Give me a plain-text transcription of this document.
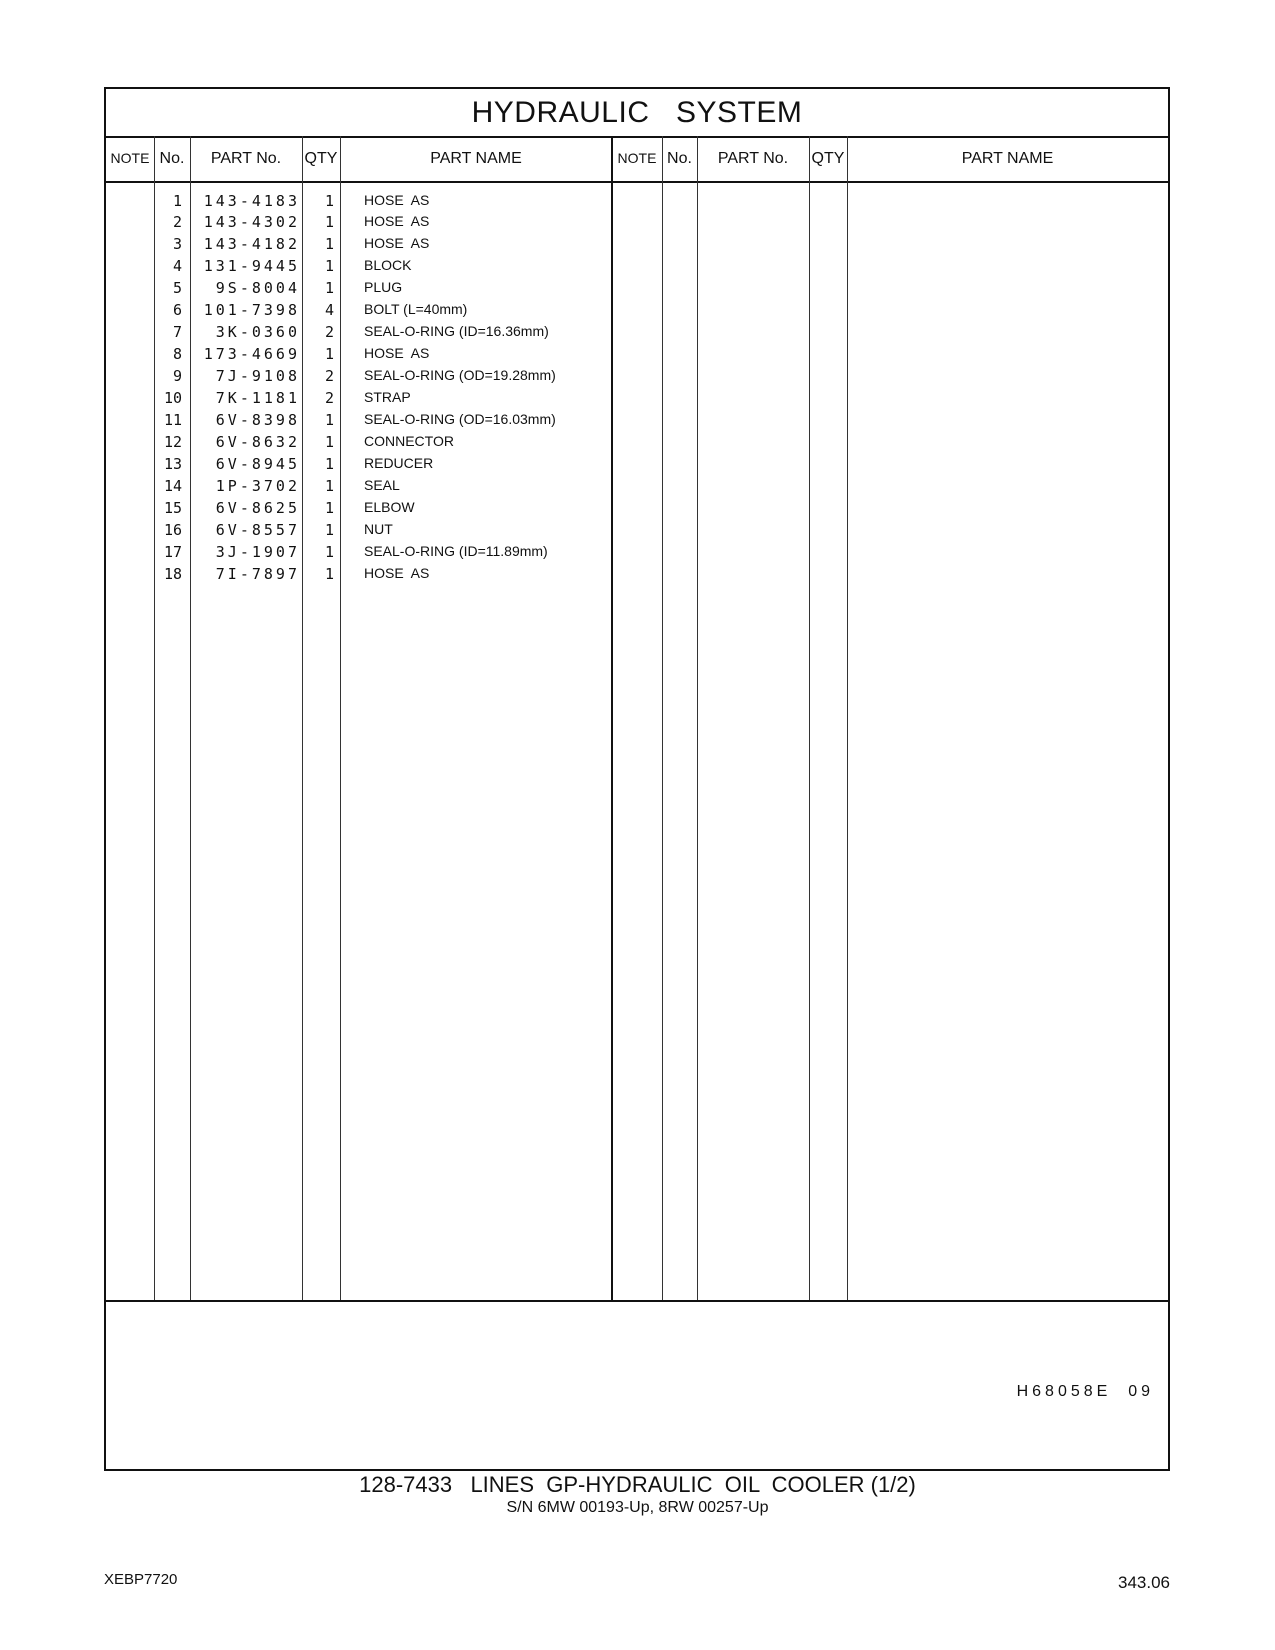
HYDRAULIC   SYSTEM
NOTE No.	PART No.	QTY	PART NAME	NOTE No.	PART No.	QTY	PART NAME
1	143-4183	1 HOSE  AS
2	143-4302	1 HOSE  AS
3	143-4182	1 HOSE  AS
4	131-9445	1 BLOCK
5	9S-8004	1 PLUG
6	101-7398	4 BOLT (L=40mm)
7	3K-0360	2 SEAL-O-RING (ID=16.36mm)
8	173-4669	1 HOSE  AS
9	7J-9108	2 SEAL-O-RING (OD=19.28mm)
10	7K-1181	2 STRAP
11	6V-8398	1 SEAL-O-RING (OD=16.03mm)
12	6V-8632	1 CONNECTOR
13	6V-8945	1 REDUCER
14	1P-3702	1 SEAL
15	6V-8625	1 ELBOW
16	6V-8557	1 NUT
17	3J-1907	1 SEAL-O-RING (ID=11.89mm)
18	7I-7897	1 HOSE  AS
H68058E  09
128-7433   LINES  GP-HYDRAULIC  OIL  COOLER (1/2)
S/N 6MW 00193-Up, 8RW 00257-Up
XEBP7720	343.06
